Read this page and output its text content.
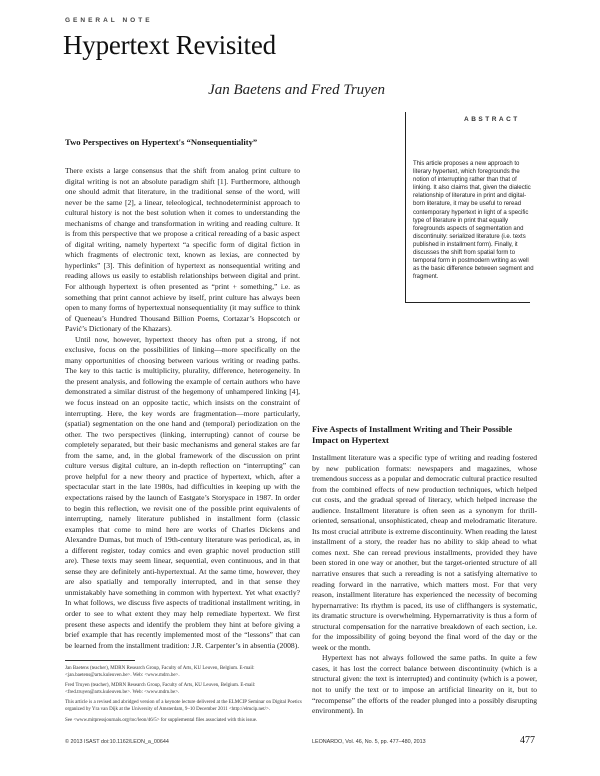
GENERAL NOTE
Hypertext Revisited
Jan Baetens and Fred Truyen
ABSTRACT

This article proposes a new approach to literary hypertext, which foregrounds the notion of interrupting rather than that of linking. It also claims that, given the dialectic relationship of literature in print and digital-born literature, it may be useful to reread contemporary hypertext in light of a specific type of literature in print that equally foregrounds aspects of segmentation and discontinuity: serialized literature (i.e. texts published in installment form). Finally, it discusses the shift from spatial form to temporal form in postmodern writing as well as the basic difference between segment and fragment.

Two Perspectives on Hypertext's “Nonsequentiality”

There exists a large consensus that the shift from analog print culture to digital writing is not an absolute paradigm shift [1]. Furthermore, although one should admit that literature, in the traditional sense of the word, will never be the same [2], a linear, teleological, technodeterminist approach to cultural history is not the best solution when it comes to understanding the mechanisms of change and transformation in writing and reading culture. It is from this perspective that we propose a critical rereading of a basic aspect of digital writing, namely hypertext “a specific form of digital fiction in which fragments of electronic text, known as lexias, are connected by hyperlinks” [3]. This definition of hypertext as nonsequential writing and reading allows us easily to establish relationships between digital and print. For although hypertext is often presented as “print + something,” i.e. as something that print cannot achieve by itself, print culture has always been open to many forms of hypertextual nonsequentiality (it may suffice to think of Queneau’s Hundred Thousand Billion Poems, Cortazar’s Hopscotch or Pavić’s Dictionary of the Khazars).

Until now, however, hypertext theory has often put a strong, if not exclusive, focus on the possibilities of linking—more specifically on the many opportunities of choosing between various writing or reading paths. The key to this tactic is multiplicity, plurality, difference, heterogeneity. In the present analysis, and following the example of certain authors who have demonstrated a similar distrust of the hegemony of unhampered linking [4], we focus instead on an opposite tactic, which insists on the constraint of interrupting. Here, the key words are fragmentation—more particularly, (spatial) segmentation on the one hand and (temporal) periodization on the other. The two perspectives (linking, interrupting) cannot of course be completely separated, but their basic mechanisms and general stakes are far from the same, and, in the global framework of the discussion on print culture versus digital culture, an in-depth reflection on “interrupting” can prove helpful for a new theory and practice of hypertext, which, after a spectacular start in the late 1980s, had difficulties in keeping up with the expectations raised by the launch of Eastgate’s Storyspace in 1987. In order to begin this reflection, we revisit one of the possible print equivalents of interrupting, namely literature published in installment form (classic examples that come to mind here are works of Charles Dickens and Alexandre Dumas, but much of 19th-century literature was periodical, as, in a different register, today comics and even graphic novel production still are). These texts may seem linear, sequential, even continuous, and in that sense they are definitely anti-hypertextual. At the same time, however, they are also spatially and temporally interrupted, and in that sense they unmistakably have something in common with hypertext. Yet what exactly? In what follows, we discuss five aspects of traditional installment writing, in order to see to what extent they may help remediate hypertext. We first present these aspects and identify the problem they hint at before giving a brief example that has recently implemented most of the “lessons” that can be learned from the installment tradition: J.R. Carpenter’s in absentia (2008).

Five Aspects of Installment Writing and Their Possible Impact on Hypertext

Installment literature was a specific type of writing and reading fostered by new publication formats: newspapers and magazines, whose tremendous success as a popular and democratic cultural practice resulted from the combined effects of new production techniques, which helped cut costs, and the gradual spread of literacy, which helped increase the audience. Installment literature is often seen as a synonym for thrill-oriented, sensational, unsophisticated, cheap and melodramatic literature. Its most crucial attribute is extreme discontinuity. When reading the latest installment of a story, the reader has no ability to skip ahead to what comes next. She can reread previous installments, provided they have been stored in one way or another, but the target-oriented structure of all narrative ensures that such a rereading is not a satisfying alternative to reading forward in the narrative, which matters most. For that very reason, installment literature has experienced the necessity of becoming hypernarrative: Its rhythm is paced, its use of cliffhangers is systematic, its dramatic structure is overwhelming. Hypernarrativity is thus a form of structural compensation for the narrative breakdown of each section, i.e. for the impossibility of going beyond the final word of the day or the week or the month.

Hypertext has not always followed the same paths. In quite a few cases, it has lost the correct balance between discontinuity (which is a structural given: the text is interrupted) and continuity (which is a power, not to unify the text or to impose an artificial linearity on it, but to “recompense” the efforts of the reader plunged into a possibly disrupting environment). In

Jan Baetens (teacher), MDRN Research Group, Faculty of Arts, KU Leuven, Belgium. E-mail: <jan.baetens@arts.kuleuven.be>. Web: <www.mdrn.be>.

Fred Truyen (teacher), MDRN Research Group, Faculty of Arts, KU Leuven, Belgium. E-mail: <fred.truyen@arts.kuleuven.be>. Web: <www.mdrn.be>.

This article is a revised and abridged version of a keynote lecture delivered at the ELMCIP Seminar on Digital Poetics organized by Yra van Dijk at the University of Amsterdam, 9–10 December 2011 <http://elmcip.net/>.

See <www.mitpressjournals.org/toc/leon/46/5> for supplemental files associated with this issue.

© 2013 ISAST doi:10.1162/LEON_a_00644	LEONARDO, Vol. 46, No. 5, pp. 477–480, 2013	477
